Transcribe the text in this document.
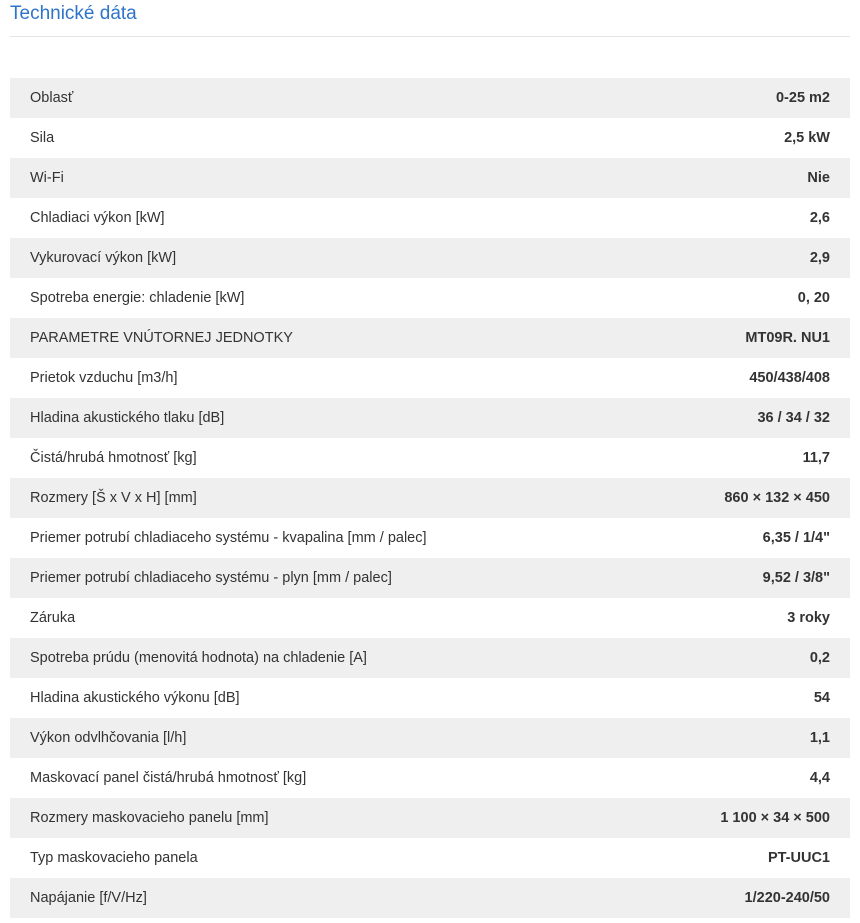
Technické dáta
Oblasť	0-25 m2
Sila	2,5 kW
Wi-Fi	Nie
Chladiaci výkon [kW]	2,6
Vykurovací výkon [kW]	2,9
Spotreba energie: chladenie [kW]	0, 20
PARAMETRE VNÚTORNEJ JEDNOTKY	MT09R. NU1
Prietok vzduchu [m3/h]	450/438/408
Hladina akustického tlaku [dB]	36 / 34 / 32
Čistá/hrubá hmotnosť [kg]	11,7
Rozmery [Š x V x H] [mm]	860 × 132 × 450
Priemer potrubí chladiaceho systému - kvapalina [mm / palec]	6,35 / 1/4"
Priemer potrubí chladiaceho systému - plyn [mm / palec]	9,52 / 3/8"
Záruka	3 roky
Spotreba prúdu (menovitá hodnota) na chladenie [A]	0,2
Hladina akustického výkonu [dB]	54
Výkon odvlhčovania [l/h]	1,1
Maskovací panel čistá/hrubá hmotnosť [kg]	4,4
Rozmery maskovacieho panelu [mm]	1 100 × 34 × 500
Typ maskovacieho panela	PT-UUC1
Napájanie [f/V/Hz]	1/220-240/50
